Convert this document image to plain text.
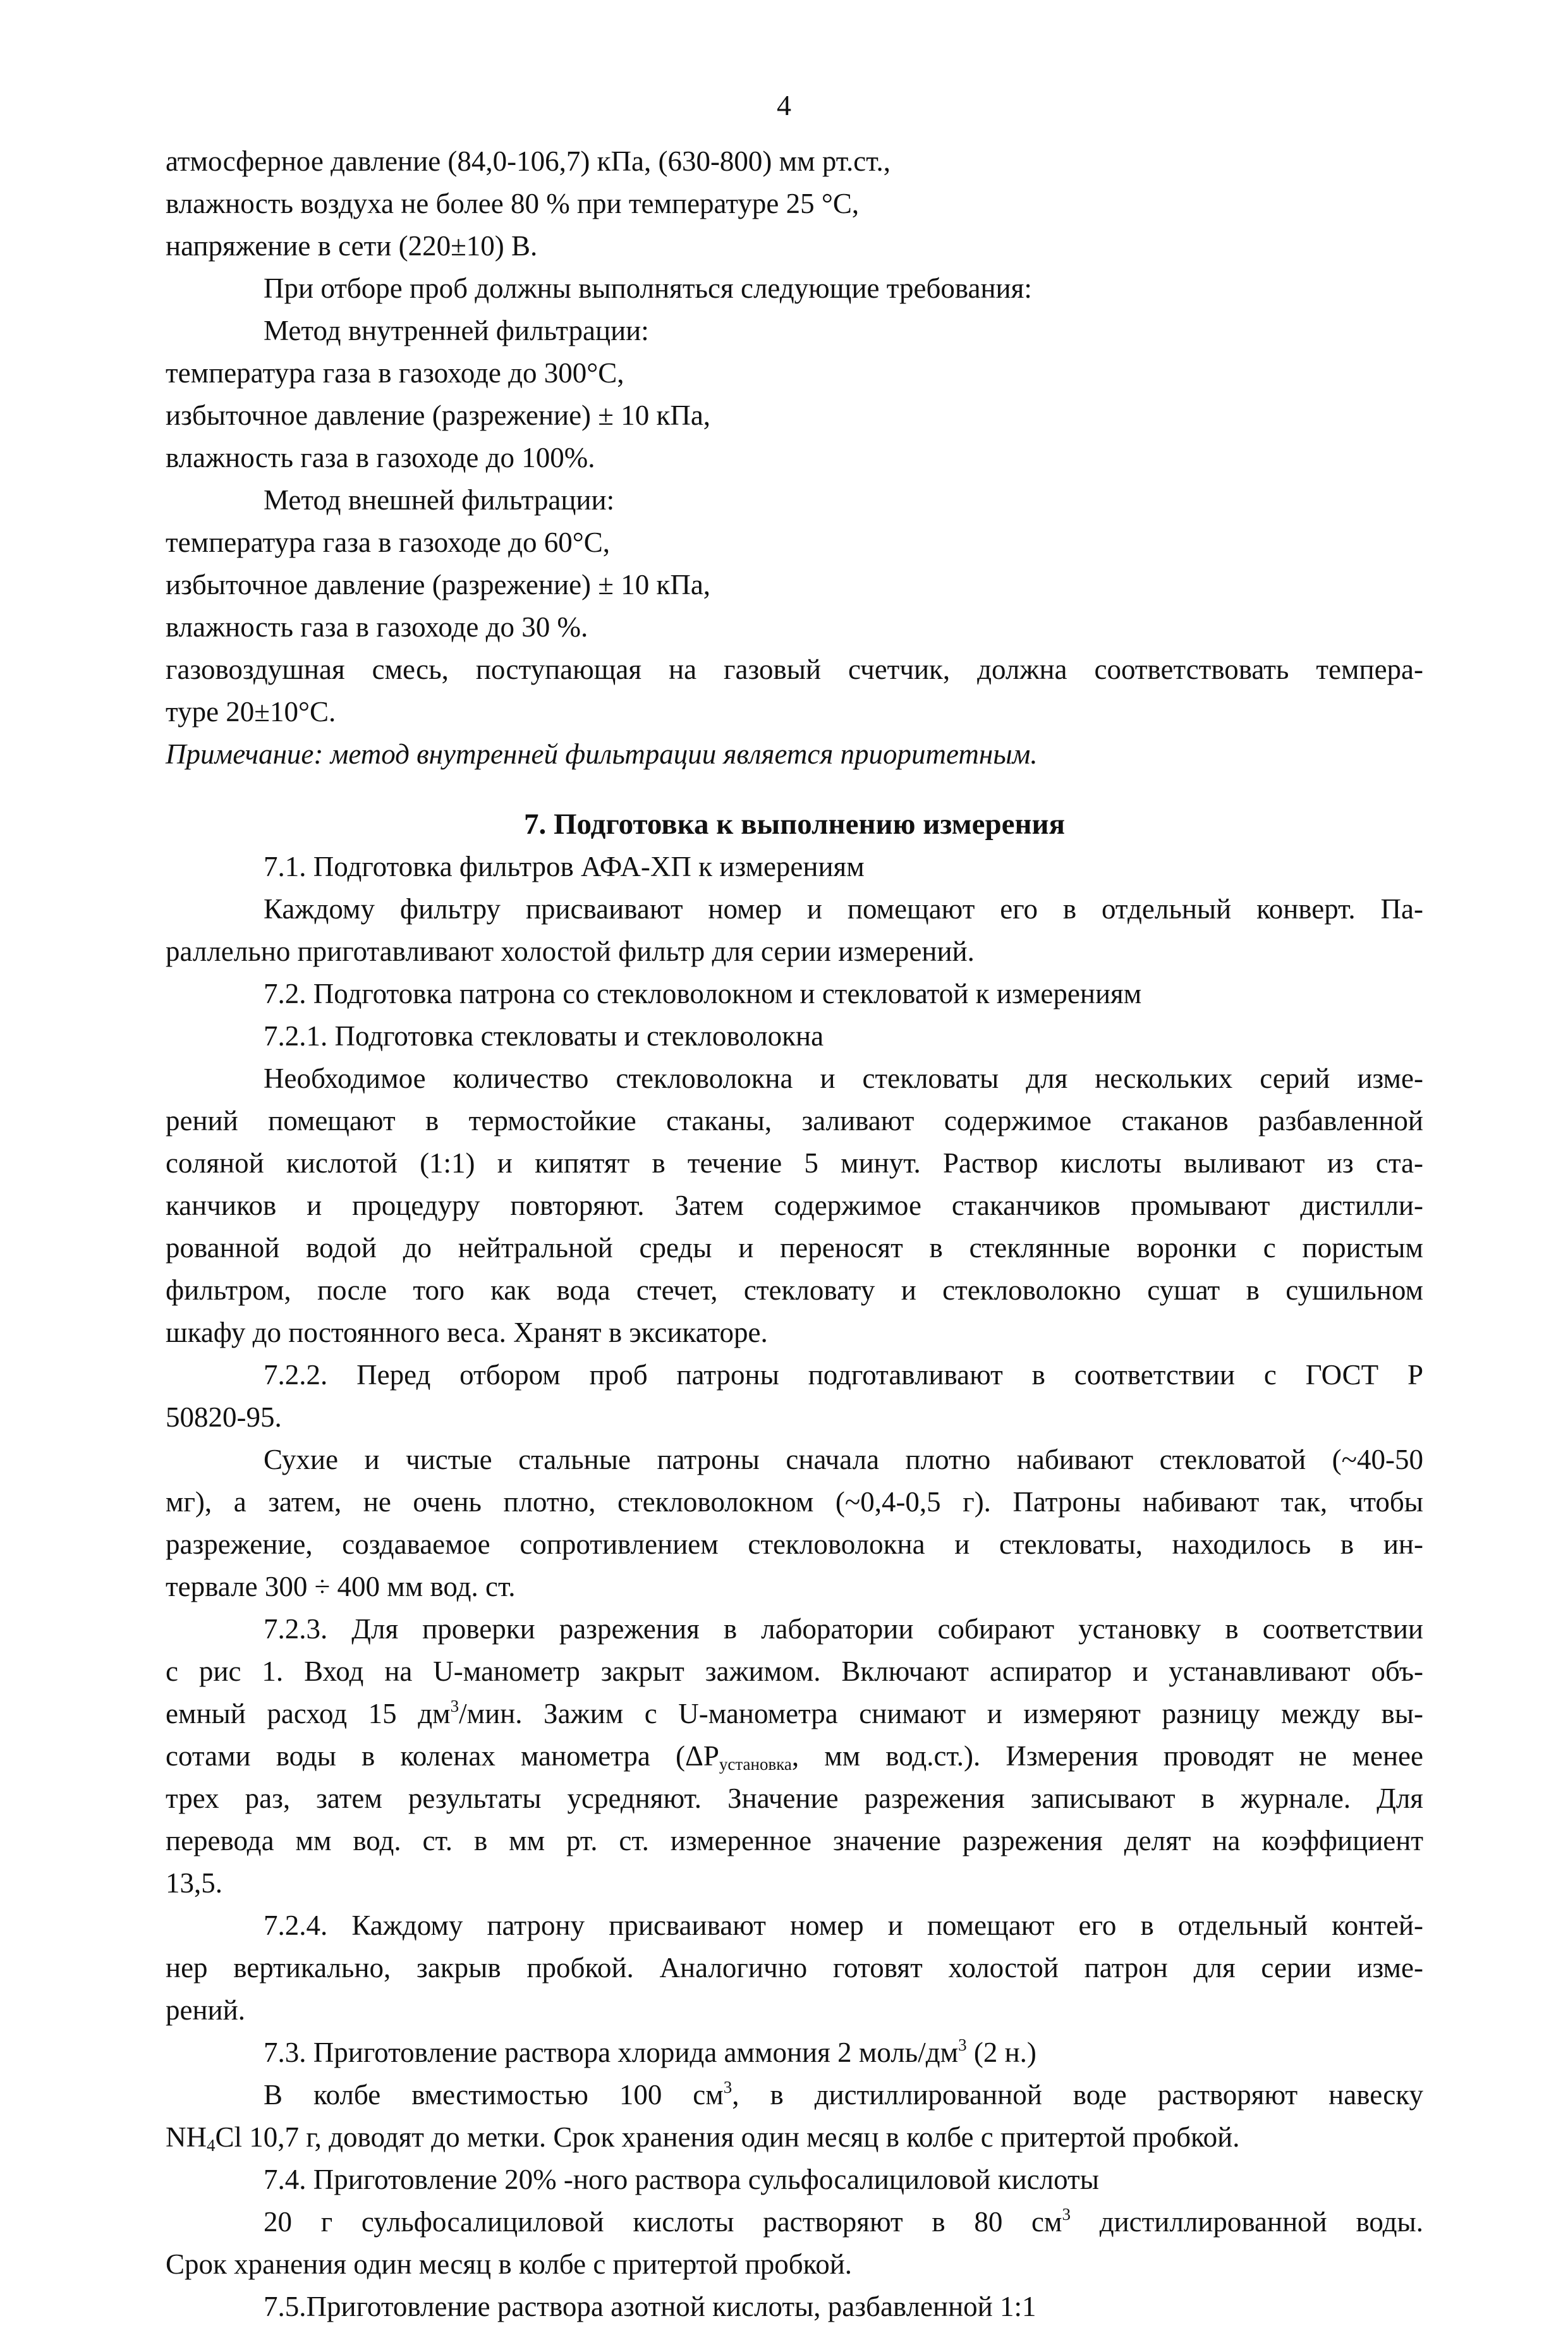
4
атмосферное давление (84,0-106,7) кПа, (630-800) мм рт.ст.,
влажность воздуха не более 80 % при температуре 25 °С,
напряжение в сети (220±10) В.
При отборе проб должны выполняться следующие требования:
Метод внутренней фильтрации:
температура газа в газоходе до 300°С,
избыточное давление (разрежение) ± 10 кПа,
влажность газа в газоходе до 100%.
Метод внешней фильтрации:
температура газа в газоходе до 60°С,
избыточное давление (разрежение) ± 10 кПа,
влажность газа в газоходе до 30 %.
газовоздушная смесь, поступающая на газовый счетчик, должна соответствовать темпера-
туре 20±10°С.
Примечание: метод внутренней фильтрации является приоритетным.
7. Подготовка к выполнению измерения
7.1. Подготовка фильтров АФА-ХП к измерениям
Каждому фильтру присваивают номер и помещают его в отдельный конверт. Па-
раллельно приготавливают холостой фильтр для серии измерений.
7.2. Подготовка патрона со стекловолокном и стекловатой к измерениям
7.2.1. Подготовка стекловаты и стекловолокна
Необходимое количество стекловолокна и стекловаты для нескольких серий изме-
рений помещают в термостойкие стаканы, заливают содержимое стаканов разбавленной
соляной кислотой (1:1) и кипятят в течение 5 минут. Раствор кислоты выливают из ста-
канчиков и процедуру повторяют. Затем содержимое стаканчиков промывают дистилли-
рованной водой до нейтральной среды и переносят в стеклянные воронки с пористым
фильтром, после того как вода стечет, стекловату и стекловолокно сушат в сушильном
шкафу до постоянного веса. Хранят в эксикаторе.
7.2.2. Перед отбором проб патроны подготавливают в соответствии с ГОСТ Р
50820-95.
Сухие и чистые стальные патроны сначала плотно набивают стекловатой (~40-50
мг), а затем, не очень плотно, стекловолокном (~0,4-0,5 г). Патроны набивают так, чтобы
разрежение, создаваемое сопротивлением стекловолокна и стекловаты, находилось в ин-
тервале 300 ÷ 400 мм вод. ст.
7.2.3. Для проверки разрежения в лаборатории собирают установку в соответствии
с рис 1. Вход на U-манометр закрыт зажимом. Включают аспиратор и устанавливают объ-
емный расход 15 $дм^3$/мин. Зажим с U-манометра снимают и измеряют разницу между вы-
сотами воды в коленах манометра ($\Delta Р_{установка}$, мм вод.ст.). Измерения проводят не менее
трех раз, затем результаты усредняют. Значение разрежения записывают в журнале. Для
перевода мм вод. ст. в мм рт. ст. измеренное значение разрежения делят на коэффициент
13,5.
7.2.4. Каждому патрону присваивают номер и помещают его в отдельный контей-
нер вертикально, закрыв пробкой. Аналогично готовят холостой патрон для серии изме-
рений.
7.3. Приготовление раствора хлорида аммония 2 моль/$дм^3$ (2 н.)
В колбе вместимостью 100 $см^3$, в дистиллированной воде растворяют навеску
$NH_4Cl$ 10,7 г, доводят до метки. Срок хранения один месяц в колбе с притертой пробкой.
7.4. Приготовление 20% -ного раствора сульфосалициловой кислоты
20 г сульфосалициловой кислоты растворяют в 80 $см^3$ дистиллированной воды.
Срок хранения один месяц в колбе с притертой пробкой.
7.5.Приготовление раствора азотной кислоты, разбавленной 1:1
